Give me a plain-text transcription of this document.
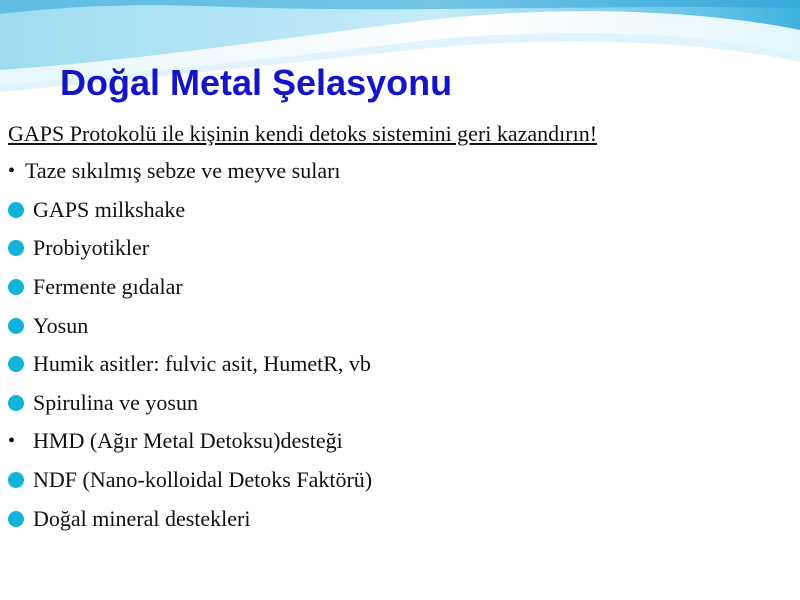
Doğal Metal Şelasyonu
GAPS Protokolü ile kişinin kendi detoks sistemini geri kazandırın!
• Taze sıkılmış sebze ve meyve suları
GAPS milkshake
Probiyotikler
Fermente gıdalar
Yosun
Humik asitler: fulvic asit, HumetR, vb
Spirulina ve yosun
• HMD (Ağır Metal Detoksu)desteği
NDF (Nano-kolloidal Detoks Faktörü)
Doğal mineral destekleri
